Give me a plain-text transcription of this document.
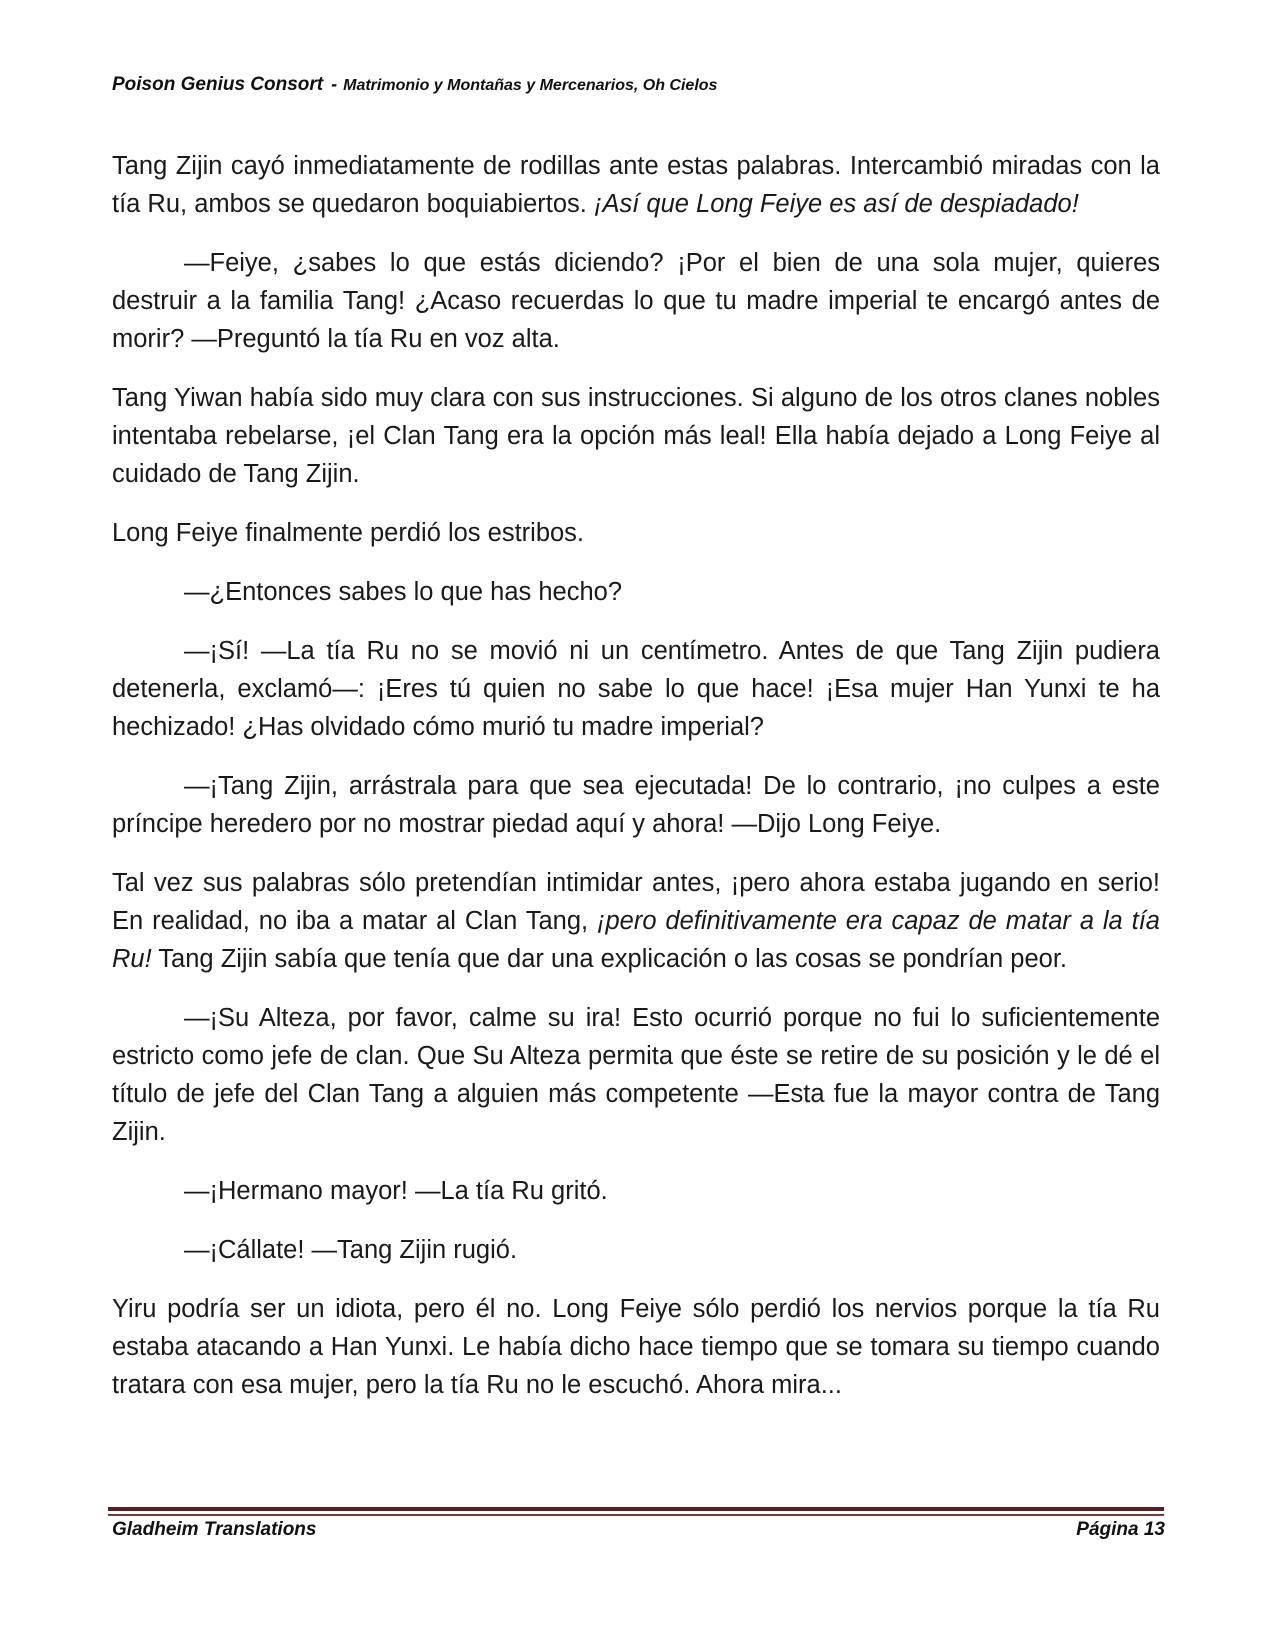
Poison Genius Consort - Matrimonio y Montañas y Mercenarios, Oh Cielos

Tang Zijin cayó inmediatamente de rodillas ante estas palabras. Intercambió miradas con la tía Ru, ambos se quedaron boquiabiertos. ¡Así que Long Feiye es así de despiadado!

—Feiye, ¿sabes lo que estás diciendo? ¡Por el bien de una sola mujer, quieres destruir a la familia Tang! ¿Acaso recuerdas lo que tu madre imperial te encargó antes de morir? —Preguntó la tía Ru en voz alta.

Tang Yiwan había sido muy clara con sus instrucciones. Si alguno de los otros clanes nobles intentaba rebelarse, ¡el Clan Tang era la opción más leal! Ella había dejado a Long Feiye al cuidado de Tang Zijin.

Long Feiye finalmente perdió los estribos.

—¿Entonces sabes lo que has hecho?

—¡Sí! —La tía Ru no se movió ni un centímetro. Antes de que Tang Zijin pudiera detenerla, exclamó—: ¡Eres tú quien no sabe lo que hace! ¡Esa mujer Han Yunxi te ha hechizado! ¿Has olvidado cómo murió tu madre imperial?

—¡Tang Zijin, arrástrala para que sea ejecutada! De lo contrario, ¡no culpes a este príncipe heredero por no mostrar piedad aquí y ahora! —Dijo Long Feiye.

Tal vez sus palabras sólo pretendían intimidar antes, ¡pero ahora estaba jugando en serio! En realidad, no iba a matar al Clan Tang, ¡pero definitivamente era capaz de matar a la tía Ru! Tang Zijin sabía que tenía que dar una explicación o las cosas se pondrían peor.

—¡Su Alteza, por favor, calme su ira! Esto ocurrió porque no fui lo suficientemente estricto como jefe de clan. Que Su Alteza permita que éste se retire de su posición y le dé el título de jefe del Clan Tang a alguien más competente —Esta fue la mayor contra de Tang Zijin.

—¡Hermano mayor! —La tía Ru gritó.

—¡Cállate! —Tang Zijin rugió.

Yiru podría ser un idiota, pero él no. Long Feiye sólo perdió los nervios porque la tía Ru estaba atacando a Han Yunxi. Le había dicho hace tiempo que se tomara su tiempo cuando tratara con esa mujer, pero la tía Ru no le escuchó. Ahora mira...

Gladheim Translations	Página 13
